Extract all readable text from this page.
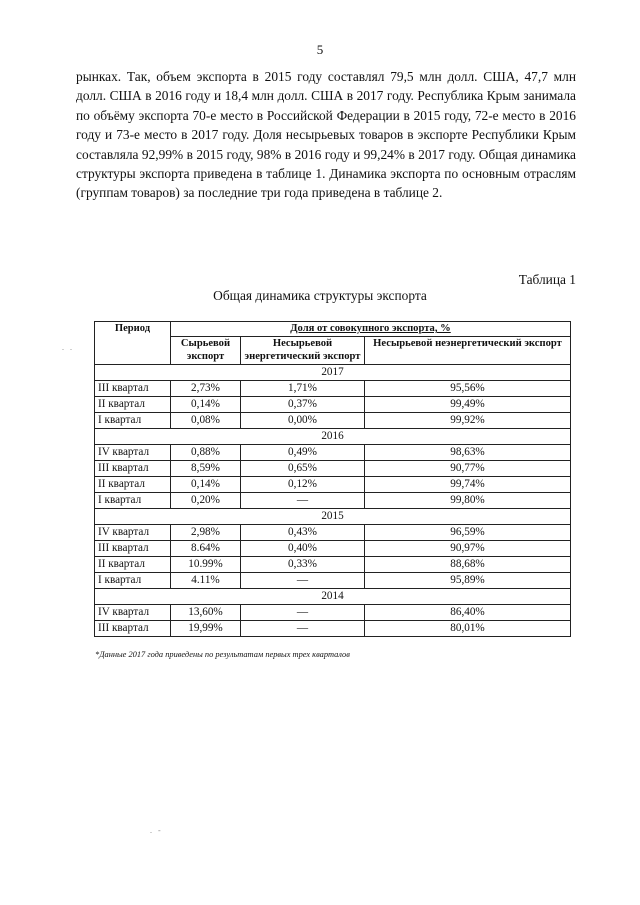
5

рынках. Так, объем экспорта в 2015 году составлял 79,5 млн долл. США, 47,7 млн долл. США в 2016 году и 18,4 млн долл. США в 2017 году. Республика Крым занимала по объёму экспорта 70-е место в Российской Федерации в 2015 году, 72-е место в 2016 году и 73-е место в 2017 году. Доля несырьевых товаров в экспорте Республики Крым составляла 92,99% в 2015 году, 98% в 2016 году и 99,24% в 2017 году. Общая динамика структуры экспорта приведена в таблице 1. Динамика экспорта по основным отраслям (группам товаров) за последние три года приведена в таблице 2.

Таблица 1
Общая динамика структуры экспорта
. .
. -
Период	Доля от совокупного экспорта, %		
	Сырьевой экспорт	Несырьевой энергетический экспорт	Несырьевой неэнергетический экспорт
2017			
III квартал	2,73%	1,71%	95,56%
II квартал	0,14%	0,37%	99,49%
I квартал	0,08%	0,00%	99,92%
2016			
IV квартал	0,88%	0,49%	98,63%
III квартал	8,59%	0,65%	90,77%
II квартал	0,14%	0,12%	99,74%
I квартал	0,20%	—	99,80%
2015			
IV квартал	2,98%	0,43%	96,59%
III квартал	8.64%	0,40%	90,97%
II квартал	10.99%	0,33%	88,68%
I квартал	4.11%	—	95,89%
2014			
IV квартал	13,60%	—	86,40%
III квартал	19,99%	—	80,01%
*Данные 2017 года приведены по результатам первых трех кварталов
